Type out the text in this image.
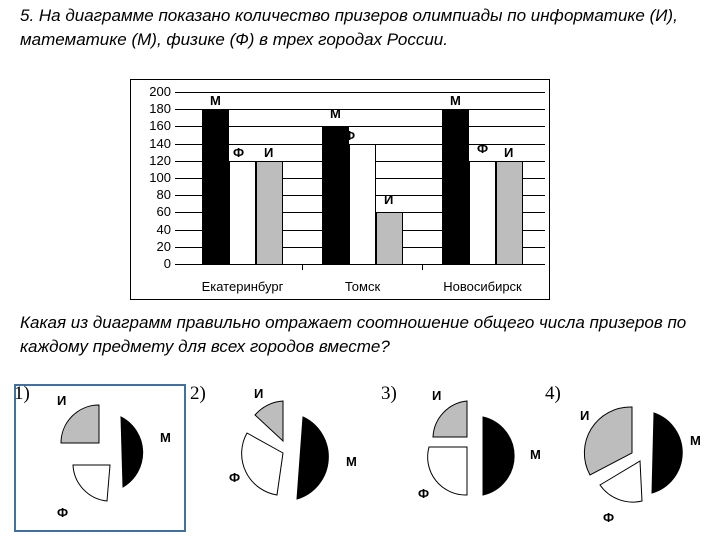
5. На диаграмме показано количество призеров олимпиады по информатике (И), математике (М), физике (Ф) в трех городах России.
200
180
160
140
120
100
80
60
40
20
0
М
Ф И
Екатеринбург
М
Ф
И
Томск
М
Ф И
Новосибирск
Какая из диаграмм правильно отражает соотношение общего числа призеров по каждому предмету для всех городов вместе?
1) И
М
Ф
2)	И
М
Ф
3)	И
М
Ф
4)
И
М
Ф
